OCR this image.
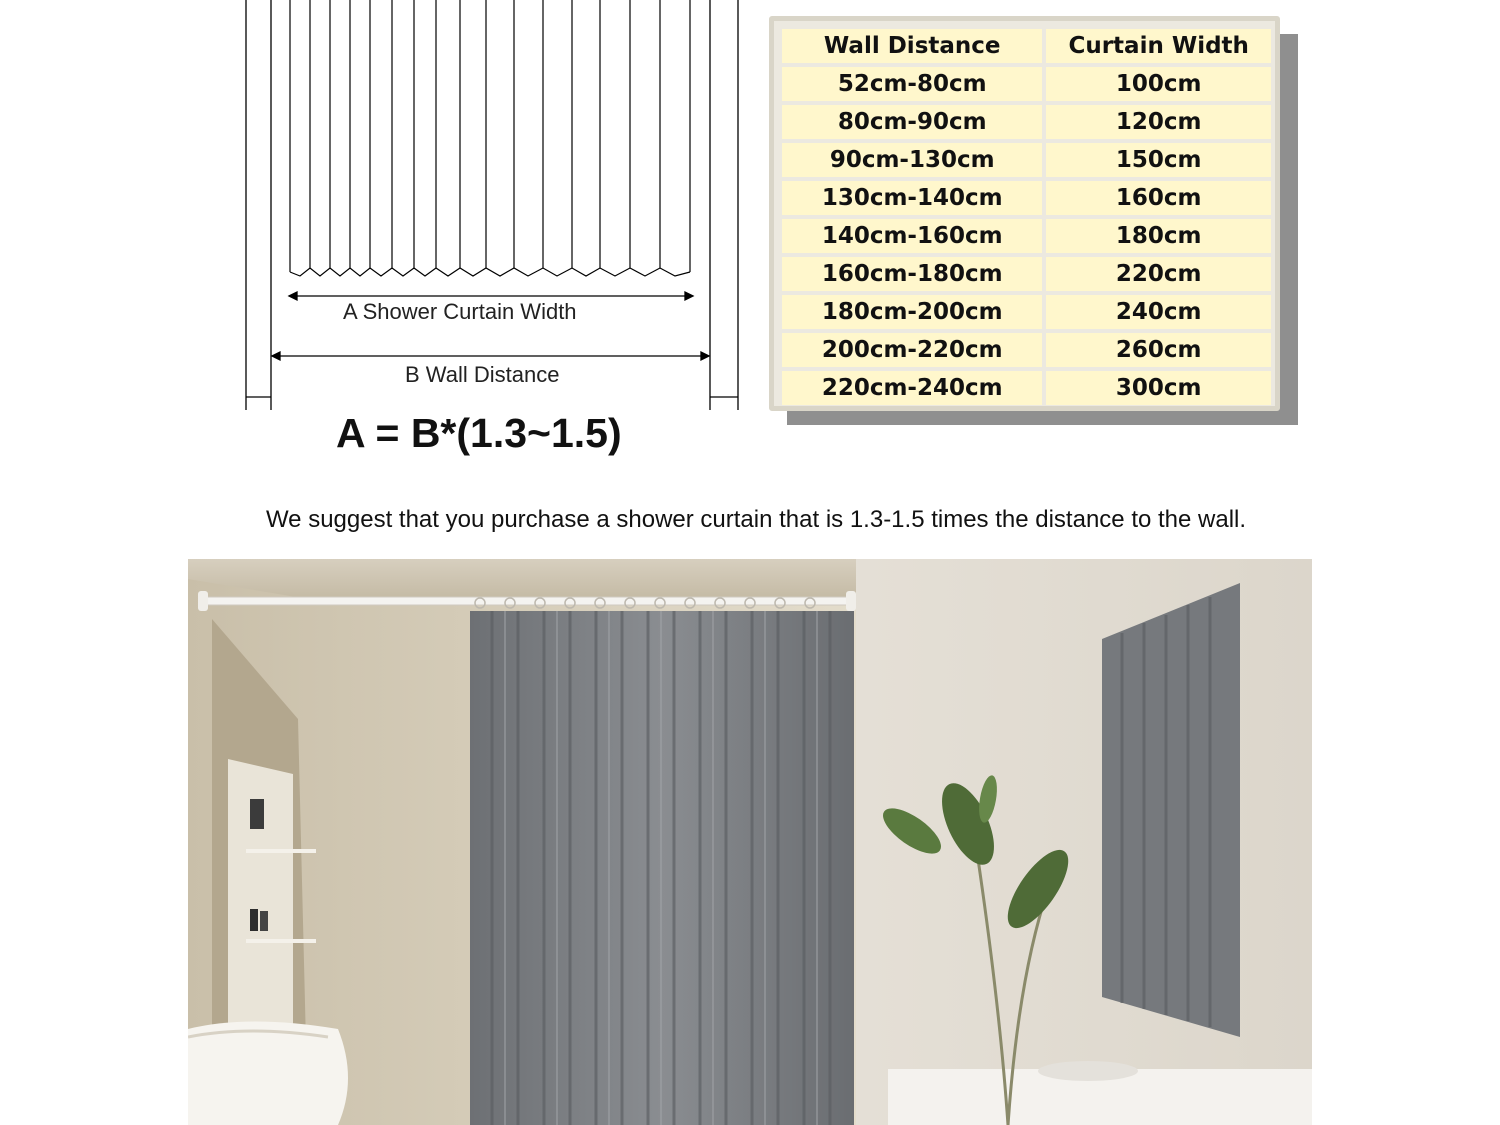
A Shower Curtain Width
B Wall Distance
A = B*(1.3~1.5)
Wall Distance	Curtain Width
52cm-80cm	100cm
80cm-90cm	120cm
90cm-130cm	150cm
130cm-140cm	160cm
140cm-160cm	180cm
160cm-180cm	220cm
180cm-200cm	240cm
200cm-220cm	260cm
220cm-240cm	300cm
We suggest that you purchase a shower curtain that is 1.3-1.5 times the distance to the wall.
